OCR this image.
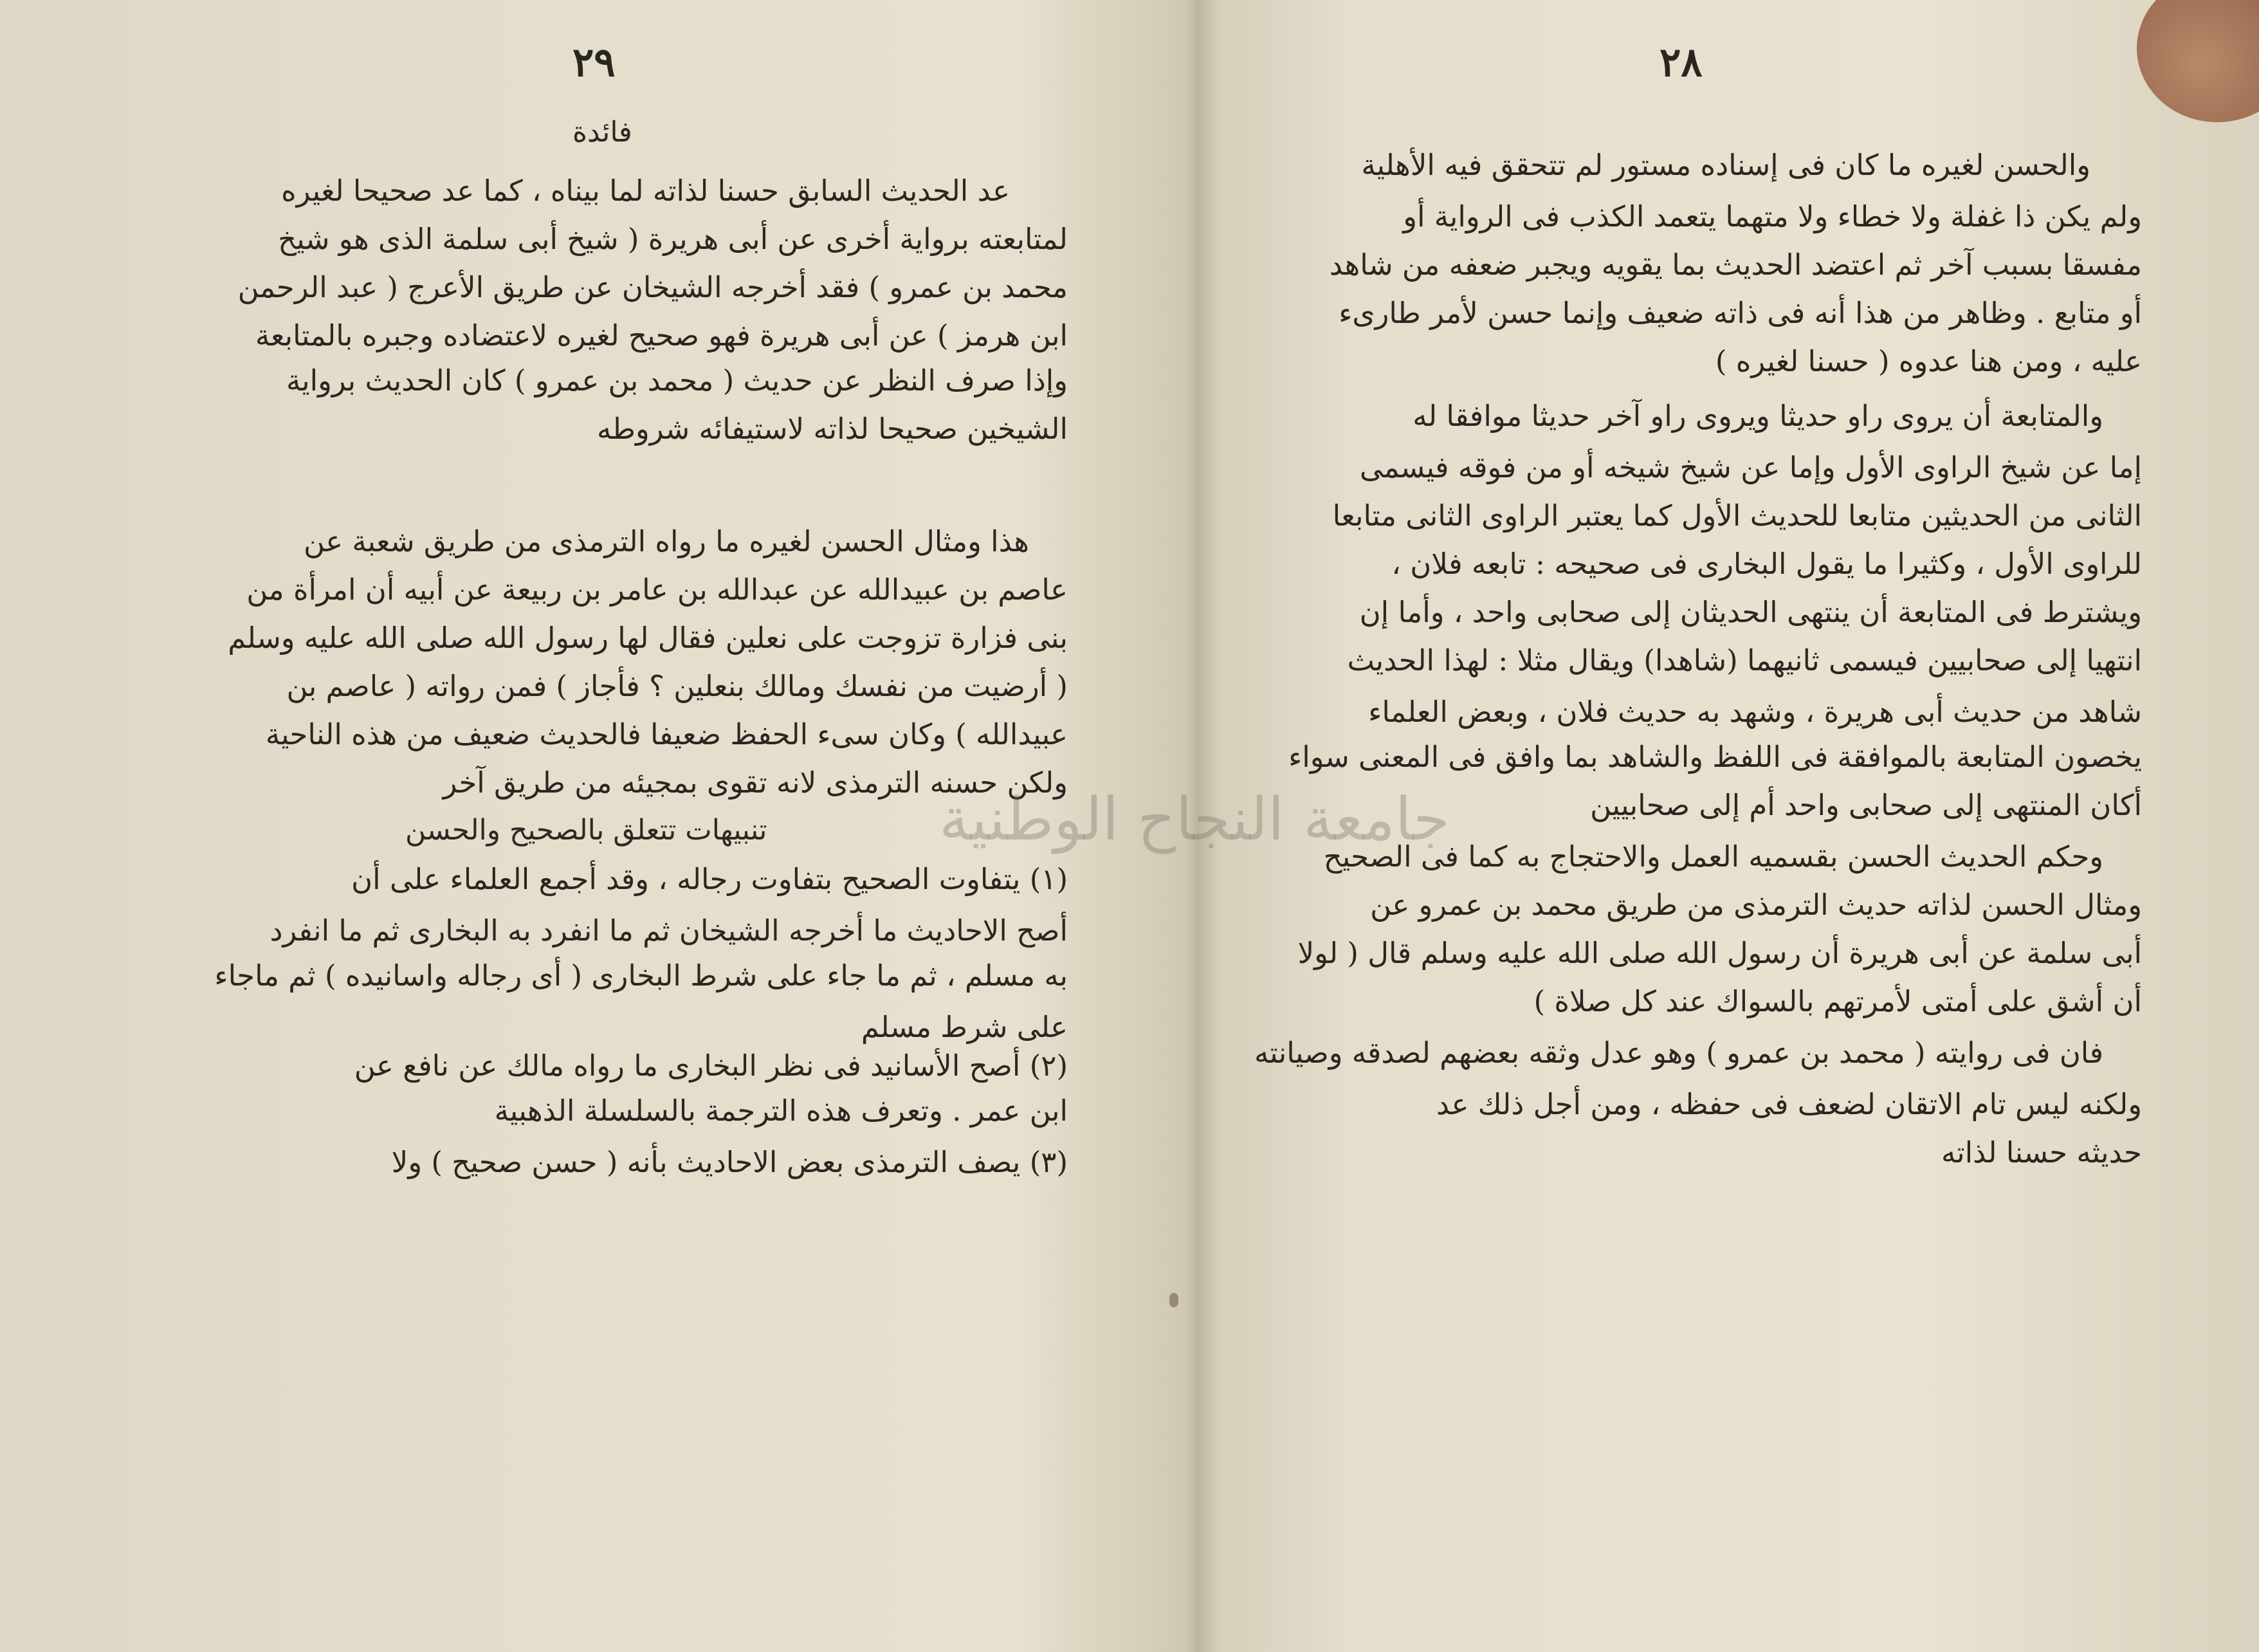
٢٩
فائدة
عد الحديث السابق حسنا لذاته لما بيناه ، كما عد صحيحا لغيره
لمتابعته برواية أخرى عن أبى هريرة ( شيخ أبى سلمة الذى هو شيخ
محمد بن عمرو ) فقد أخرجه الشيخان عن طريق الأعرج ( عبد الرحمن
ابن هرمز ) عن أبى هريرة فهو صحيح لغيره لاعتضاده وجبره بالمتابعة
وإذا صرف النظر عن حديث ( محمد بن عمرو ) كان الحديث برواية
الشيخين صحيحا لذاته لاستيفائه شروطه
هذا ومثال الحسن لغيره ما رواه الترمذى من طريق شعبة عن
عاصم بن عبيدالله عن عبدالله بن عامر بن ربيعة عن أبيه أن امرأة من
بنى فزارة تزوجت على نعلين فقال لها رسول الله صلى الله عليه وسلم
( أرضيت من نفسك ومالك بنعلين ؟ فأجاز ) فمن رواته ( عاصم بن
عبيدالله ) وكان سىء الحفظ ضعيفا فالحديث ضعيف من هذه الناحية
ولكن حسنه الترمذى لانه تقوى بمجيئه من طريق آخر
تنبيهات تتعلق بالصحيح والحسن
(١) يتفاوت الصحيح بتفاوت رجاله ، وقد أجمع العلماء على أن
أصح الاحاديث ما أخرجه الشيخان ثم ما انفرد به البخارى ثم ما انفرد
به مسلم ، ثم ما جاء على شرط البخارى ( أى رجاله واسانيده ) ثم ماجاء
على شرط مسلم
(٢) أصح الأسانيد فى نظر البخارى ما رواه مالك عن نافع عن
ابن عمر . وتعرف هذه الترجمة بالسلسلة الذهبية
(٣) يصف الترمذى بعض الاحاديث بأنه ( حسن صحيح ) ولا
٢٨
والحسن لغيره ما كان فى إسناده مستور لم تتحقق فيه الأهلية
ولم يكن ذا غفلة ولا خطاء ولا متهما يتعمد الكذب فى الرواية أو
مفسقا بسبب آخر ثم اعتضد الحديث بما يقويه ويجبر ضعفه من شاهد
أو متابع . وظاهر من هذا أنه فى ذاته ضعيف وإنما حسن لأمر طارىء
عليه ، ومن هنا عدوه ( حسنا لغيره )
والمتابعة أن يروى راو حديثا ويروى راو آخر حديثا موافقا له
إما عن شيخ الراوى الأول وإما عن شيخ شيخه أو من فوقه فيسمى
الثانى من الحديثين متابعا للحديث الأول كما يعتبر الراوى الثانى متابعا
للراوى الأول ، وكثيرا ما يقول البخارى فى صحيحه : تابعه فلان ،
ويشترط فى المتابعة أن ينتهى الحديثان إلى صحابى واحد ، وأما إن
انتهيا إلى صحابيين فيسمى ثانيهما (شاهدا) ويقال مثلا : لهذا الحديث
شاهد من حديث أبى هريرة ، وشهد به حديث فلان ، وبعض العلماء
يخصون المتابعة بالموافقة فى اللفظ والشاهد بما وافق فى المعنى سواء
أكان المنتهى إلى صحابى واحد أم إلى صحابيين
وحكم الحديث الحسن بقسميه العمل والاحتجاج به كما فى الصحيح
ومثال الحسن لذاته حديث الترمذى من طريق محمد بن عمرو عن
أبى سلمة عن أبى هريرة أن رسول الله صلى الله عليه وسلم قال ( لولا
أن أشق على أمتى لأمرتهم بالسواك عند كل صلاة )
فان فى روايته ( محمد بن عمرو ) وهو عدل وثقه بعضهم لصدقه وصيانته
ولكنه ليس تام الاتقان لضعف فى حفظه ، ومن أجل ذلك عد
حديثه حسنا لذاته
جامعة النجاح الوطنية
